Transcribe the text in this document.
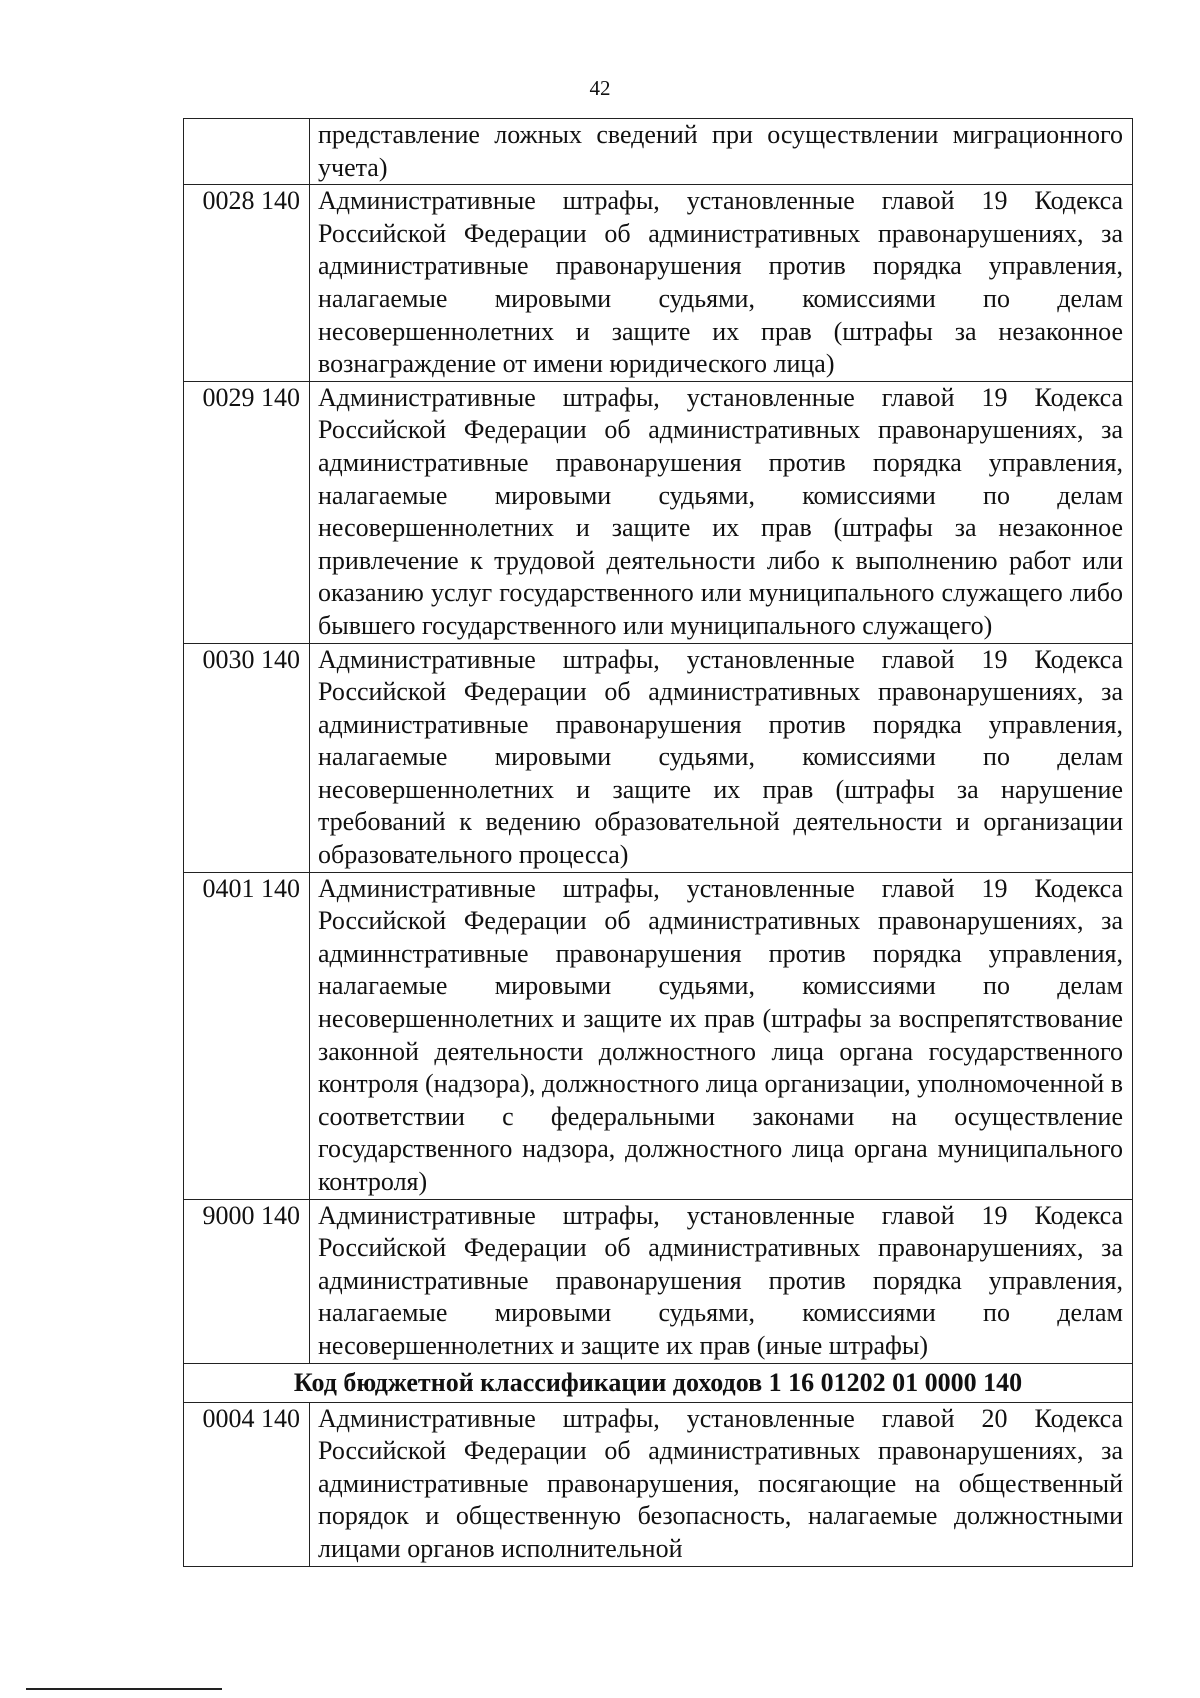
42
	представление ложных сведений при осуществлении миграционного учета)
0028 140	Административные штрафы, установленные главой 19 Кодекса Российской Федерации об административных правонарушениях, за административные правонарушения против порядка управления, налагаемые мировыми судьями, комиссиями по делам несовершеннолетних и защите их прав (штрафы за незаконное вознаграждение от имени юридического лица)
0029 140	Административные штрафы, установленные главой 19 Кодекса Российской Федерации об административных правонарушениях, за административные правонарушения против порядка управления, налагаемые мировыми судьями, комиссиями по делам несовершеннолетних и защите их прав (штрафы за незаконное привлечение к трудовой деятельности либо к выполнению работ или оказанию услуг государственного или муниципального служащего либо бывшего государственного или муниципального служащего)
0030 140	Административные штрафы, установленные главой 19 Кодекса Российской Федерации об административных правонарушениях, за административные правонарушения против порядка управления, налагаемые мировыми судьями, комиссиями по делам несовершеннолетних и защите их прав (штрафы за нарушение требований к ведению образовательной деятельности и организации образовательного процесса)
0401 140	Административные штрафы, установленные главой 19 Кодекса Российской Федерации об административных правонарушениях, за админнстративные правонарушения против порядка управления, налагаемые мировыми судьями, комиссиями по делам несовершеннолетних и защите их прав (штрафы за воспрепятствование законной деятельности должностного лица органа государственного контроля (надзора), должностного лица организации, уполномоченной в соответствии с федеральными законами на осуществление государственного надзора, должностного лица органа муниципального контроля)
9000 140	Административные штрафы, установленные главой 19 Кодекса Российской Федерации об административных правонарушениях, за административные правонарушения против порядка управления, налагаемые мировыми судьями, комиссиями по делам несовершеннолетних и защите их прав (иные штрафы)
Код бюджетной классификации доходов 1 16 01202 01 0000 140	
0004 140	Административные штрафы, установленные главой 20 Кодекса Российской Федерации об административных правонарушениях, за административные правонарушения, посягающие на общественный порядок и общественную безопасность, налагаемые должностными лицами органов исполнительной
